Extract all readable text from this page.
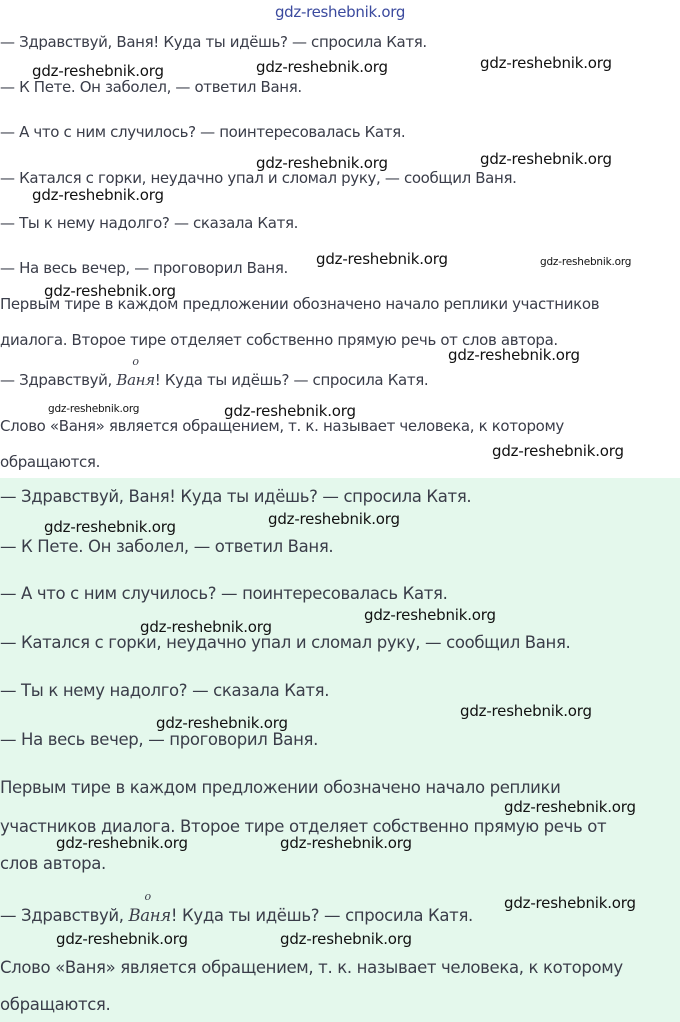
gdz-reshebnik.org
— Здравствуй, Ваня! Куда ты идёшь? — спросила Катя.
— К Пете. Он заболел, — ответил Ваня.
— А что с ним случилось? — поинтересовалась Катя.
— Катался с горки, неудачно упал и сломал руку, — сообщил Ваня.
— Ты к нему надолго? — сказала Катя.
— На весь вечер, — проговорил Ваня.
Первым тире в каждом предложении обозначено начало реплики участников
диалога. Второе тире отделяет собственно прямую речь от слов автора.
— Здравствуй,
о
Ваня! Куда ты идёшь? — спросила Катя.
Слово «Ваня» является обращением, т. к. называет человека, к которому
обращаются.
— Здравствуй, Ваня! Куда ты идёшь? — спросила Катя.
— К Пете. Он заболел, — ответил Ваня.
— А что с ним случилось? — поинтересовалась Катя.
— Катался с горки, неудачно упал и сломал руку, — сообщил Ваня.
— Ты к нему надолго? — сказала Катя.
— На весь вечер, — проговорил Ваня.
Первым тире в каждом предложении обозначено начало реплики
участников диалога. Второе тире отделяет собственно прямую речь от
слов автора.
— Здравствуй,
о
Ваня! Куда ты идёшь? — спросила Катя.
Слово «Ваня» является обращением, т. к. называет человека, к которому
обращаются.
gdz-reshebnik.org	gdz-reshebnik.org	gdz-reshebnik.org
gdz-reshebnik.org	gdz-reshebnik.org
gdz-reshebnik.org
gdz-reshebnik.org	gdz-reshebnik.org
gdz-reshebnik.org
gdz-reshebnik.org
gdz-reshebnik.org	gdz-reshebnik.org
gdz-reshebnik.org
gdz-reshebnik.org	gdz-reshebnik.org
gdz-reshebnik.org
gdz-reshebnik.org
gdz-reshebnik.org
gdz-reshebnik.org
gdz-reshebnik.org
gdz-reshebnik.org	gdz-reshebnik.org
gdz-reshebnik.org
gdz-reshebnik.org	gdz-reshebnik.org
